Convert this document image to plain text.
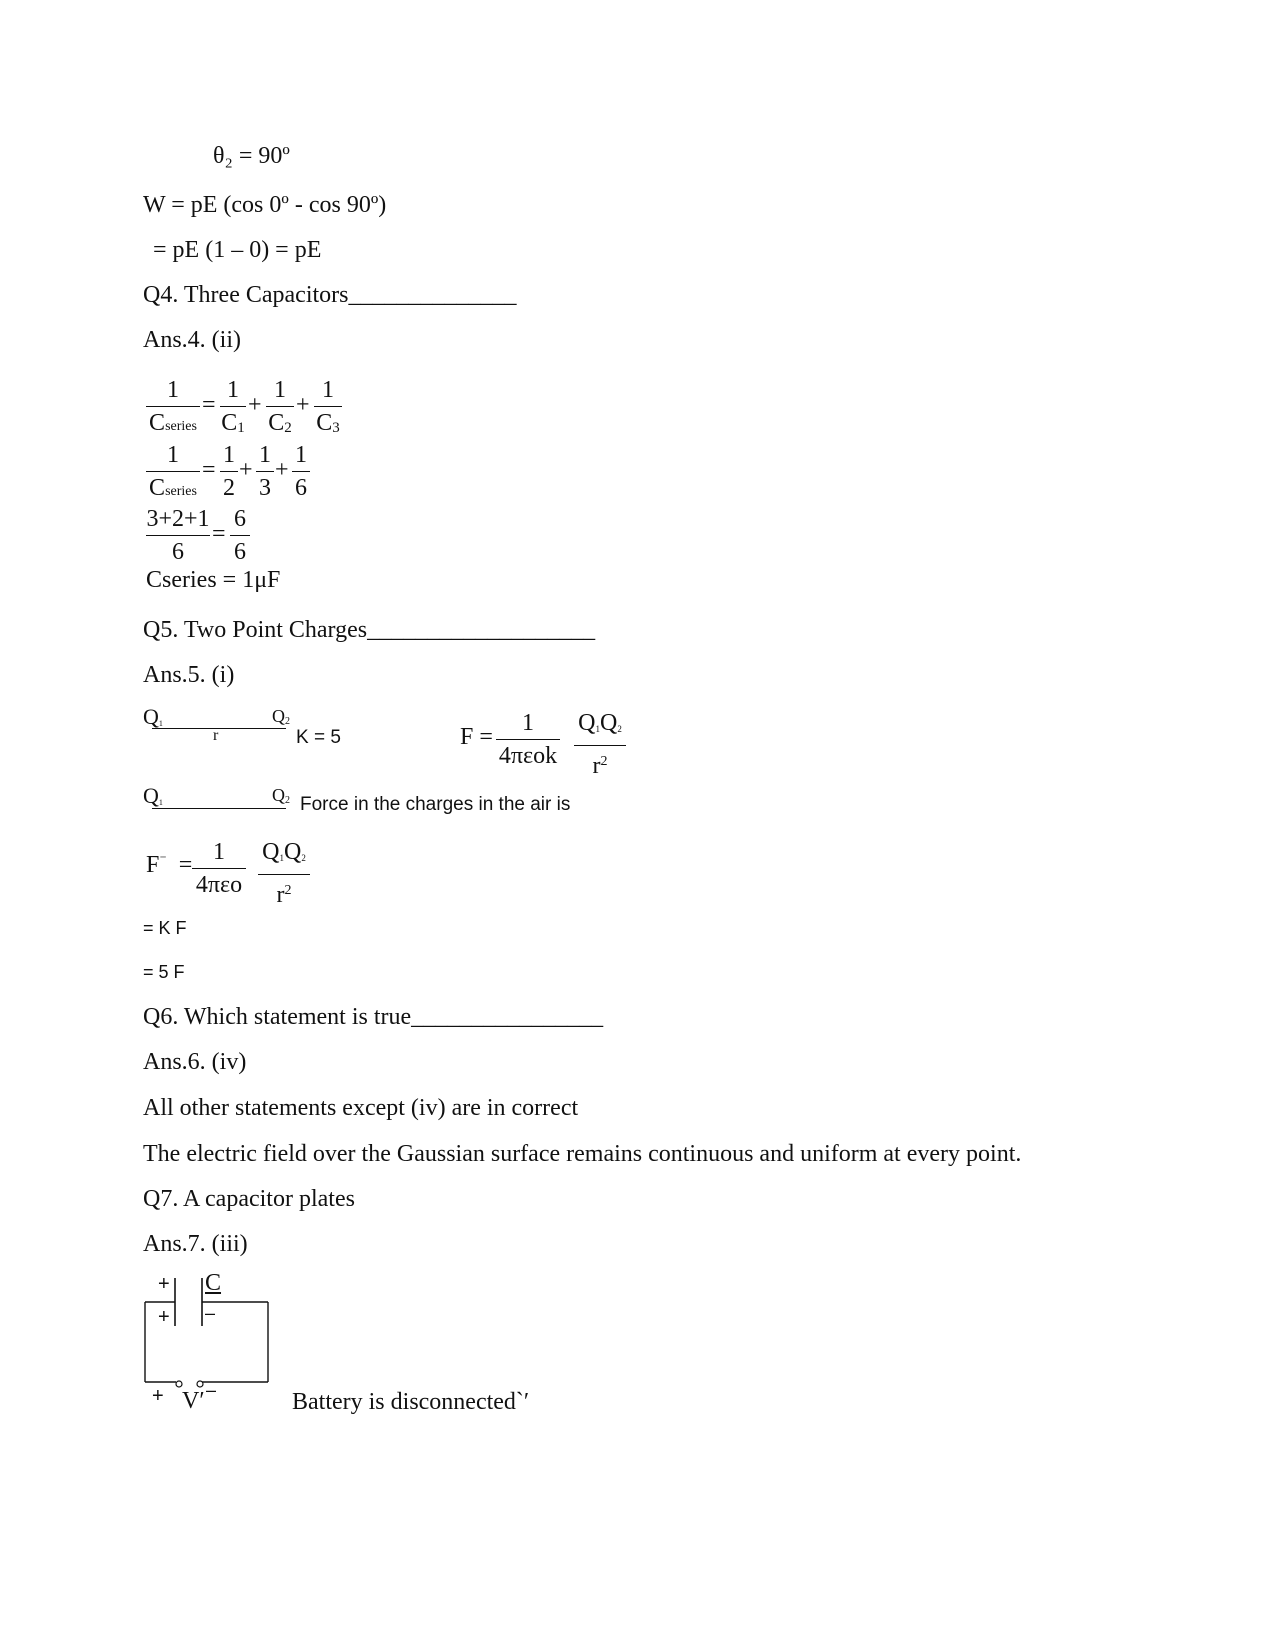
θ₂ = 90º
W = pE (cos 0º - cos 90º)
= pE (1 – 0) = pE
Q4. Three Capacitors______________
Ans.4. (ii)
1
Cseries
=
1
$C_1$
+
1
$C_2$
+
1
$C_3$
1
Cseries
=
1
2
+
1
3
+
1
6
3+2+1
6
=
6
6
Cseries = 1μF
Q5. Two Point Charges___________________
Ans.5. (i)
$Q_1$	$Q_2$
r	K = 5	F =
1
4πεok
$Q_1Q_2$
$r^2$
$Q_1$	$Q_2$ Force in the charges in the air is
F⁻ = 1
4πεo
$Q_1Q_2$
$r^2$
= K F
= 5 F
Q6. Which statement is true________________
Ans.6. (iv)
All other statements except (iv) are in correct
The electric field over the Gaussian surface remains continuous and uniform at every point.
Q7. A capacitor plates
Ans.7. (iii)
+ C
+ –
+ V′ –	Battery is disconnected`′
